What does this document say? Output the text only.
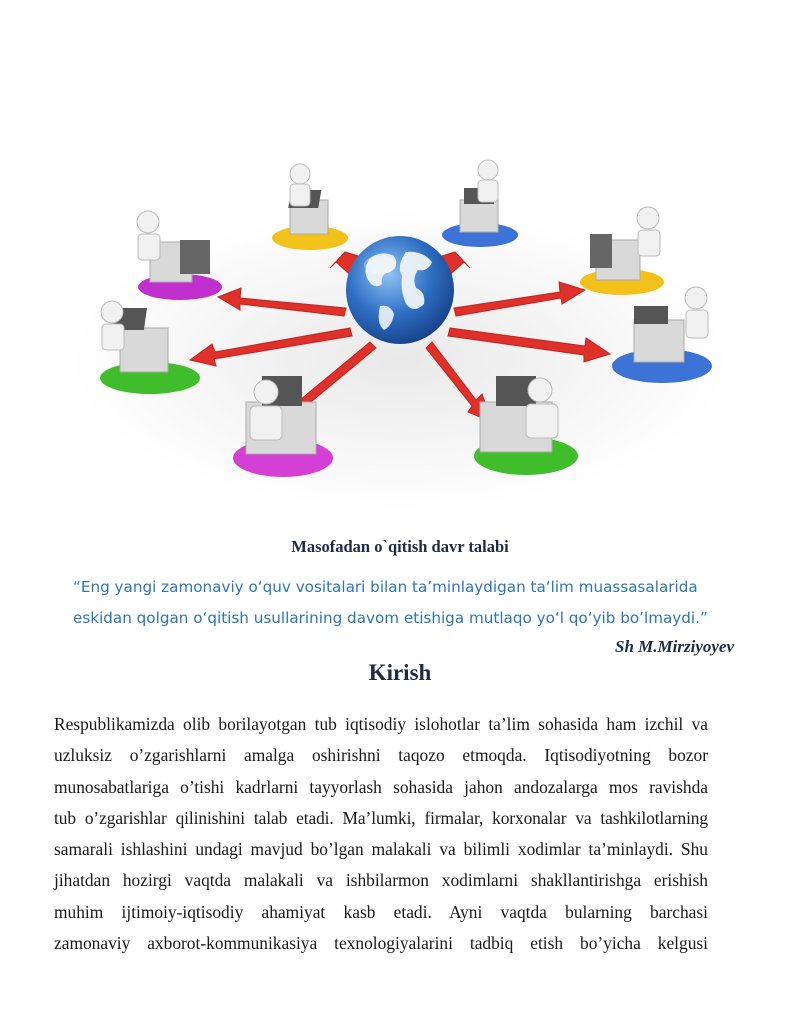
Masofadan o`qitish davr talabi
“Eng yangi zamonaviy o‘quv vositalari bilan ta’minlaydigan ta‘lim muassasalarida
eskidan qolgan o‘qitish usullarining davom etishiga mutlaqo yo‘l qo‘yib bo’lmaydi.”
Sh M.Mirziyoyev
Kirish
Respublikamizda olib borilayotgan tub iqtisodiy islohotlar ta’lim sohasida ham izchil va
uzluksiz o’zgarishlarni amalga oshirishni taqozo etmoqda. Iqtisodiyotning bozor
munosabatlariga o’tishi kadrlarni tayyorlash sohasida jahon andozalarga mos ravishda
tub o’zgarishlar qilinishini talab etadi. Ma’lumki, firmalar, korxonalar va tashkilotlarning
samarali ishlashini undagi mavjud bo’lgan malakali va bilimli xodimlar ta’minlaydi. Shu
jihatdan hozirgi vaqtda malakali va ishbilarmon xodimlarni shakllantirishga erishish
muhim ijtimoiy-iqtisodiy ahamiyat kasb etadi. Ayni vaqtda bularning barchasi
zamonaviy axborot-kommunikasiya texnologiyalarini tadbiq etish bo’yicha kelgusi
